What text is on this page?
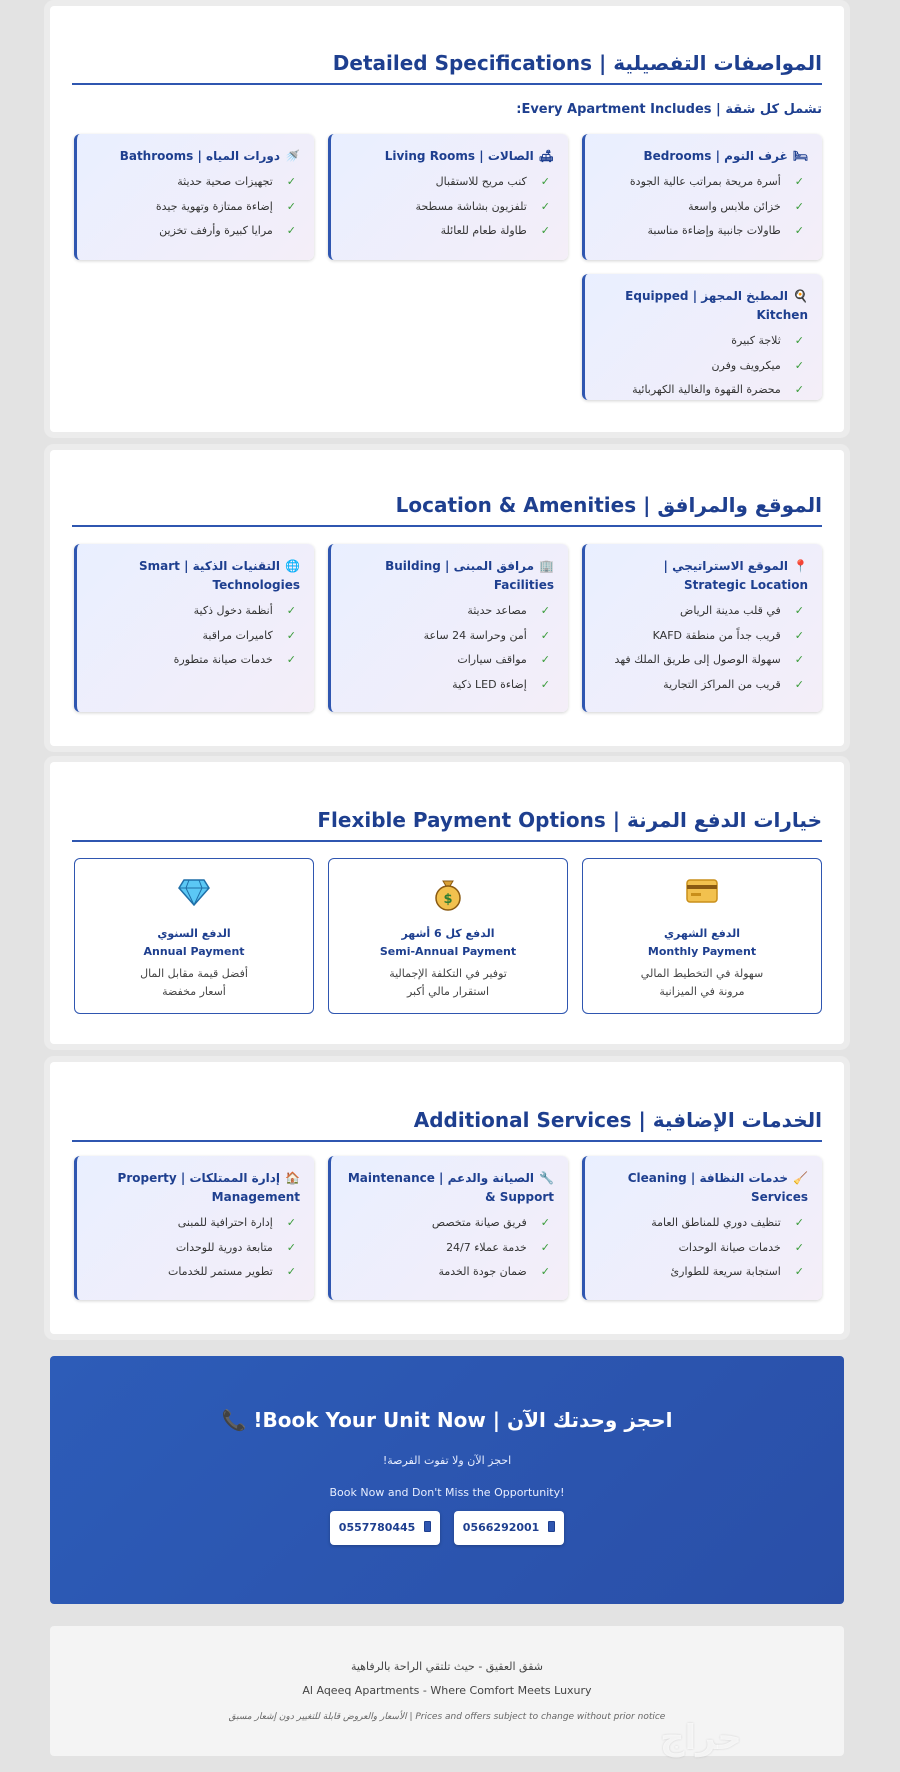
المواصفات التفصيلية | Detailed Specifications
تشمل كل شقة | Every Apartment Includes:
🛏غرف النوم | Bedrooms
✓أسرة مريحة بمراتب عالية الجودة
✓خزائن ملابس واسعة
✓طاولات جانبية وإضاءة مناسبة
🛋الصالات | Living Rooms
✓كنب مريح للاستقبال
✓تلفزيون بشاشة مسطحة
✓طاولة طعام للعائلة
🚿دورات المياه | Bathrooms
✓تجهيزات صحية حديثة
✓إضاءة ممتازة وتهوية جيدة
✓مرايا كبيرة وأرفف تخزين
🍳المطبخ المجهز | Equipped Kitchen
✓ثلاجة كبيرة
✓ميكرويف وفرن
✓محضرة القهوة والغالية الكهربائية
الموقع والمرافق | Location & Amenities
📍الموقع الاستراتيجي | Strategic Location
✓في قلب مدينة الرياض
✓قريب جداً من منطقة KAFD
✓سهولة الوصول إلى طريق الملك فهد
✓قريب من المراكز التجارية
🏢مرافق المبنى | Building Facilities
✓مصاعد حديثة
✓أمن وحراسة 24 ساعة
✓مواقف سيارات
✓إضاءة LED ذكية
🌐التقنيات الذكية | Smart Technologies
✓أنظمة دخول ذكية
✓كاميرات مراقبة
✓خدمات صيانة متطورة
خيارات الدفع المرنة | Flexible Payment Options
الدفع الشهري
Monthly Payment
سهولة في التخطيط المالي
مرونة في الميزانية
$
الدفع كل 6 أشهر
Semi-Annual Payment
توفير في التكلفة الإجمالية
استقرار مالي أكبر
الدفع السنوي
Annual Payment
أفضل قيمة مقابل المال
أسعار مخفضة
الخدمات الإضافية | Additional Services
🧹خدمات النظافة | Cleaning Services
✓تنظيف دوري للمناطق العامة
✓خدمات صيانة الوحدات
✓استجابة سريعة للطوارئ
🔧الصيانة والدعم | Maintenance & Support
✓فريق صيانة متخصص
✓خدمة عملاء 24/7
✓ضمان جودة الخدمة
🏠إدارة الممتلكات | Property Management
✓إدارة احترافية للمبنى
✓متابعة دورية للوحدات
✓تطوير مستمر للخدمات
📞 احجز وحدتك الآن | Book Your Unit Now!
احجز الآن ولا تفوت الفرصة!
Book Now and Don't Miss the Opportunity!
0557780445	0566292001
شقق العقيق - حيث تلتقي الراحة بالرفاهية
Al Aqeeq Apartments - Where Comfort Meets Luxury
الأسعار والعروض قابلة للتغيير دون إشعار مسبق | Prices and offers subject to change without prior notice
حراج
